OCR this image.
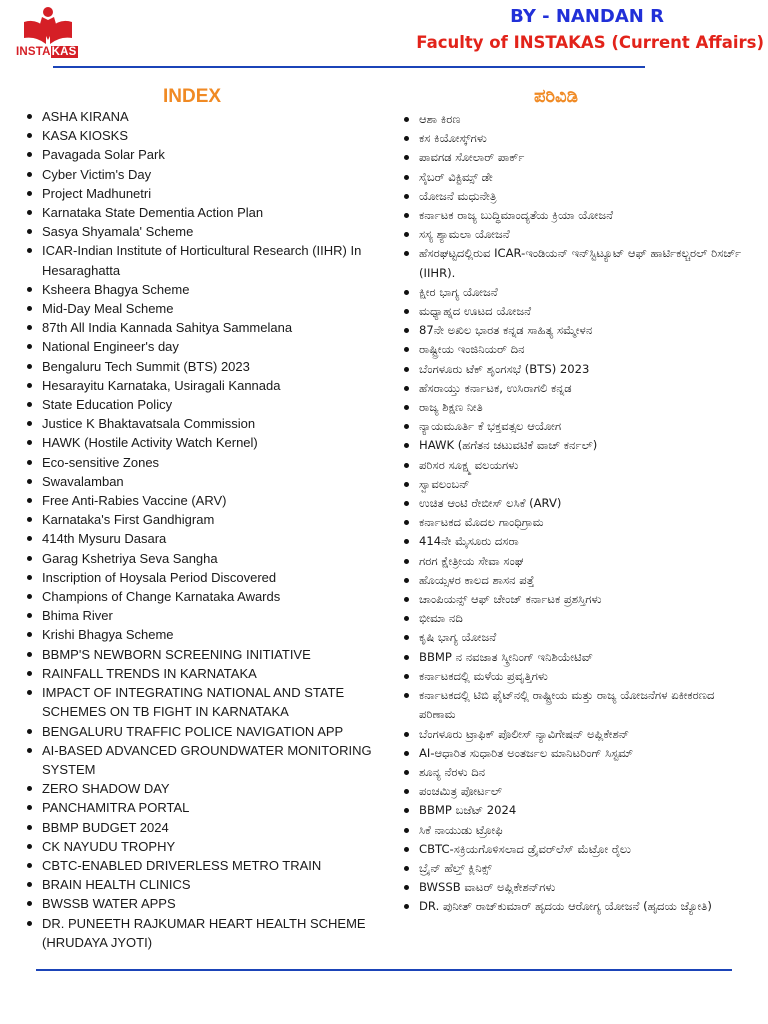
INSTAKAS
BY - NANDAN R
Faculty of INSTAKAS (Current Affairs)
INDEX	ಪರಿವಿಡಿ
ASHA KIRANA
KASA KIOSKS
Pavagada Solar Park
Cyber Victim's Day
Project Madhunetri
Karnataka State Dementia Action Plan
Sasya Shyamala' Scheme
ICAR-Indian Institute of Horticultural Research (IIHR) In Hesaraghatta
Ksheera Bhagya Scheme
Mid-Day Meal Scheme
87th All India Kannada Sahitya Sammelana
National Engineer's day
Bengaluru Tech Summit (BTS) 2023
Hesarayitu Karnataka, Usiragali Kannada
State Education Policy
Justice K Bhaktavatsala Commission
HAWK (Hostile Activity Watch Kernel)
Eco-sensitive Zones
Swavalamban
Free Anti-Rabies Vaccine (ARV)
Karnataka's First Gandhigram
414th Mysuru Dasara
Garag Kshetriya Seva Sangha
Inscription of Hoysala Period Discovered
Champions of Change Karnataka Awards
Bhima River
Krishi Bhagya Scheme
BBMP'S NEWBORN SCREENING INITIATIVE
RAINFALL TRENDS IN KARNATAKA
IMPACT OF INTEGRATING NATIONAL AND STATE SCHEMES ON TB FIGHT IN KARNATAKA
BENGALURU TRAFFIC POLICE NAVIGATION APP
AI-BASED ADVANCED GROUNDWATER MONITORING SYSTEM
ZERO SHADOW DAY
PANCHAMITRA PORTAL
BBMP BUDGET 2024
CK NAYUDU TROPHY
CBTC-ENABLED DRIVERLESS METRO TRAIN
BRAIN HEALTH CLINICS
BWSSB WATER APPS
DR. PUNEETH RAJKUMAR HEART HEALTH SCHEME (HRUDAYA JYOTI)
ಆಶಾ ಕಿರಣ
ಕಸ ಕಿಯೋಸ್ಕ್‌ಗಳು
ಪಾವಗಡ ಸೋಲಾರ್ ಪಾರ್ಕ್
ಸೈಬರ್ ವಿಕ್ಟಿಮ್ಸ್ ಡೇ
ಯೋಜನೆ ಮಧುನೇತ್ರಿ
ಕರ್ನಾಟಕ ರಾಜ್ಯ ಬುದ್ಧಿಮಾಂದ್ಯತೆಯ ಕ್ರಿಯಾ ಯೋಜನೆ
ಸಸ್ಯ ಶ್ಯಾಮಲಾ ಯೋಜನೆ
ಹೆಸರಘಟ್ಟದಲ್ಲಿರುವ ICAR-ಇಂಡಿಯನ್ ಇನ್‌ಸ್ಟಿಟ್ಯೂಟ್ ಆಫ್ ಹಾರ್ಟಿಕಲ್ಚರಲ್ ರಿಸರ್ಚ್ (IIHR).
ಕ್ಷೀರ ಭಾಗ್ಯ ಯೋಜನೆ
ಮಧ್ಯಾಹ್ನದ ಊಟದ ಯೋಜನೆ
87ನೇ ಅಖಿಲ ಭಾರತ ಕನ್ನಡ ಸಾಹಿತ್ಯ ಸಮ್ಮೇಳನ
ರಾಷ್ಟ್ರೀಯ ಇಂಜಿನಿಯರ್ ದಿನ
ಬೆಂಗಳೂರು ಟೆಕ್ ಶೃಂಗಸಭೆ (BTS) 2023
ಹೆಸರಾಯ್ತು ಕರ್ನಾಟಕ, ಉಸಿರಾಗಲಿ ಕನ್ನಡ
ರಾಜ್ಯ ಶಿಕ್ಷಣ ನೀತಿ
ನ್ಯಾಯಮೂರ್ತಿ ಕೆ ಭಕ್ತವತ್ಸಲ ಆಯೋಗ
HAWK (ಹಗೆತನ ಚಟುವಟಿಕೆ ವಾಚ್ ಕರ್ನಲ್)
ಪರಿಸರ ಸೂಕ್ಷ್ಮ ವಲಯಗಳು
ಸ್ವಾವಲಂಬನ್
ಉಚಿತ ಆಂಟಿ ರೇಬೀಸ್ ಲಸಿಕೆ (ARV)
ಕರ್ನಾಟಕದ ಮೊದಲ ಗಾಂಧಿಗ್ರಾಮ
414ನೇ ಮೈಸೂರು ದಸರಾ
ಗರಗ ಕ್ಷೇತ್ರೀಯ ಸೇವಾ ಸಂಘ
ಹೊಯ್ಸಳರ ಕಾಲದ ಶಾಸನ ಪತ್ತೆ
ಚಾಂಪಿಯನ್ಸ್ ಆಫ್ ಚೇಂಜ್ ಕರ್ನಾಟಕ ಪ್ರಶಸ್ತಿಗಳು
ಭೀಮಾ ನದಿ
ಕೃಷಿ ಭಾಗ್ಯ ಯೋಜನೆ
BBMP ನ ನವಜಾತ ಸ್ಕ್ರೀನಿಂಗ್ ಇನಿಶಿಯೇಟಿವ್
ಕರ್ನಾಟಕದಲ್ಲಿ ಮಳೆಯ ಪ್ರವೃತ್ತಿಗಳು
ಕರ್ನಾಟಕದಲ್ಲಿ ಟಿಬಿ ಫೈಟ್‌ನಲ್ಲಿ ರಾಷ್ಟ್ರೀಯ ಮತ್ತು ರಾಜ್ಯ ಯೋಜನೆಗಳ ಏಕೀಕರಣದ ಪರಿಣಾಮ
ಬೆಂಗಳೂರು ಟ್ರಾಫಿಕ್ ಪೊಲೀಸ್ ನ್ಯಾವಿಗೇಷನ್ ಅಪ್ಲಿಕೇಶನ್
AI-ಆಧಾರಿತ ಸುಧಾರಿತ ಅಂತರ್ಜಲ ಮಾನಿಟರಿಂಗ್ ಸಿಸ್ಟಮ್
ಶೂನ್ಯ ನೆರಳು ದಿನ
ಪಂಚಮಿತ್ರ ಪೋರ್ಟಲ್
BBMP ಬಜೆಟ್ 2024
ಸಿಕೆ ನಾಯುಡು ಟ್ರೋಫಿ
CBTC-ಸಕ್ರಿಯಗೊಳಿಸಲಾದ ಡ್ರೈವರ್‌ಲೆಸ್ ಮೆಟ್ರೋ ರೈಲು
ಬ್ರೈನ್ ಹೆಲ್ತ್ ಕ್ಲಿನಿಕ್ಸ್
BWSSB ವಾಟರ್ ಅಪ್ಲಿಕೇಶನ್‌ಗಳು
DR. ಪುನೀತ್ ರಾಜ್‌ಕುಮಾರ್ ಹೃದಯ ಆರೋಗ್ಯ ಯೋಜನೆ (ಹೃದಯ ಜ್ಯೋತಿ)
